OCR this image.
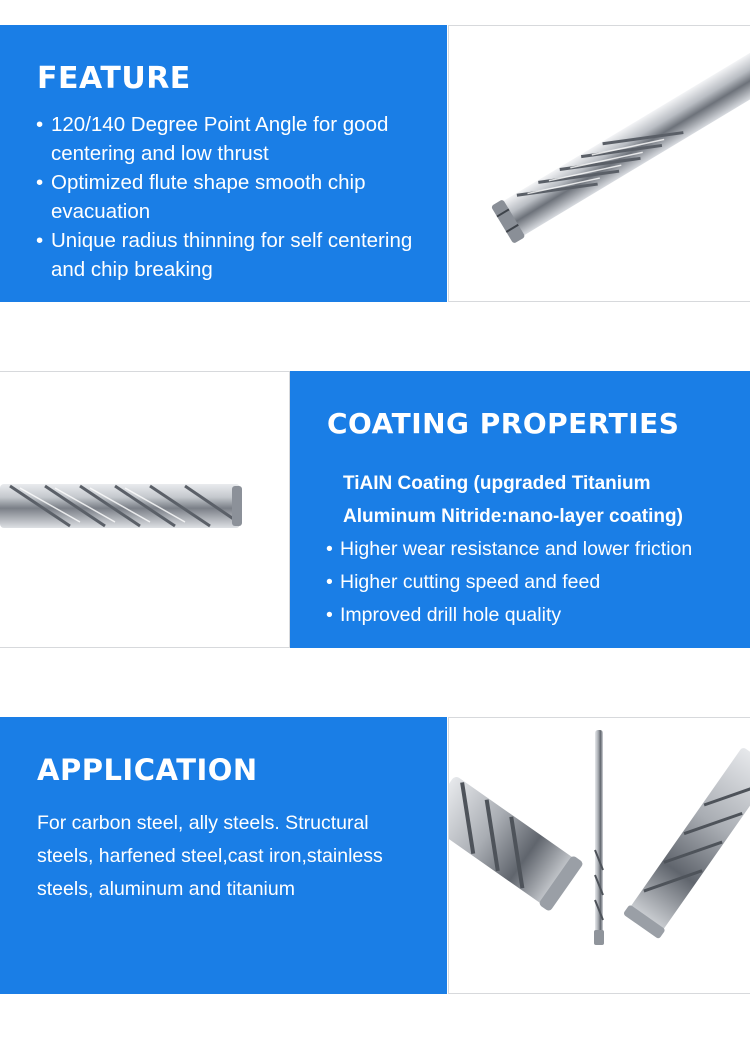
FEATURE
• 120/140 Degree Point Angle for good centering and low thrust
• Optimized flute shape smooth chip evacuation
• Unique radius thinning for self centering and chip breaking
COATING PROPERTIES

TiAIN Coating (upgraded Titanium Aluminum Nitride:nano-layer coating)

• Higher wear resistance and lower friction
• Higher cutting speed and feed
• Improved drill hole quality
APPLICATION

For carbon steel, ally steels. Structural steels, harfened steel,cast iron,stainless steels, aluminum and titanium
